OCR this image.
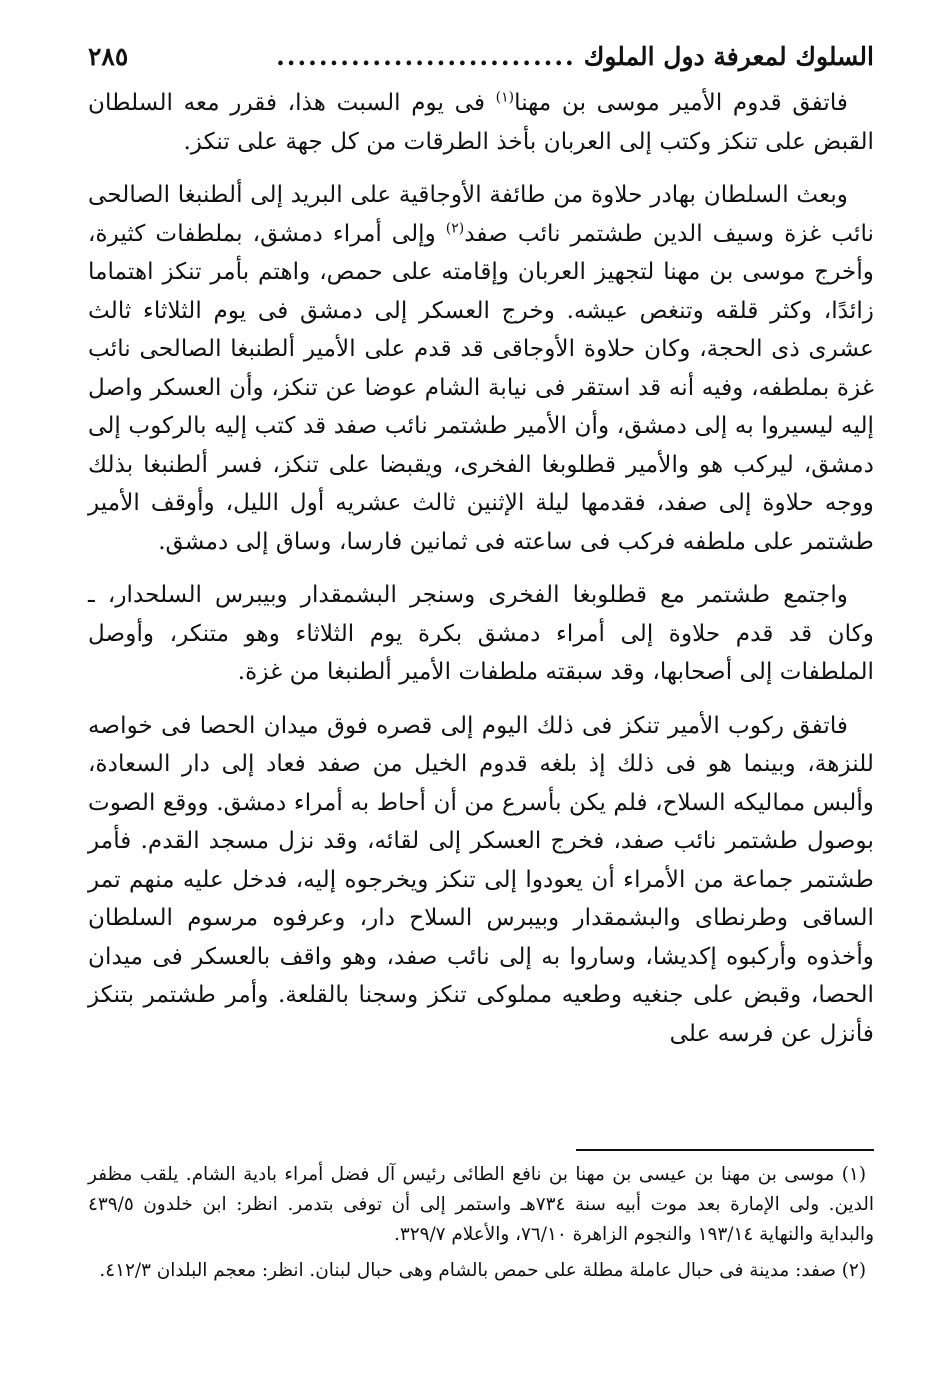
السلوك لمعرفة دول الملوك
............................
٢٨٥

فاتفق قدوم الأمير موسى بن مهنا$^{(١)}$ فى يوم السبت هذا، فقرر معه السلطان القبض على تنكز وكتب إلى العربان بأخذ الطرقات من كل جهة على تنكز.

وبعث السلطان بهادر حلاوة من طائفة الأوجاقية على البريد إلى ألطنبغا الصالحى نائب غزة وسيف الدين طشتمر نائب صفد$^{(٢)}$ وإلى أمراء دمشق، بملطفات كثيرة، وأخرج موسى بن مهنا لتجهيز العربان وإقامته على حمص، واهتم بأمر تنكز اهتماما زائدًا، وكثر قلقه وتنغص عيشه. وخرج العسكر إلى دمشق فى يوم الثلاثاء ثالث عشرى ذى الحجة، وكان حلاوة الأوجاقى قد قدم على الأمير ألطنبغا الصالحى نائب غزة بملطفه، وفيه أنه قد استقر فى نيابة الشام عوضا عن تنكز، وأن العسكر واصل إليه ليسيروا به إلى دمشق، وأن الأمير طشتمر نائب صفد قد كتب إليه بالركوب إلى دمشق، ليركب هو والأمير قطلوبغا الفخرى، ويقبضا على تنكز، فسر ألطنبغا بذلك ووجه حلاوة إلى صفد، فقدمها ليلة الإثنين ثالث عشريه أول الليل، وأوقف الأمير طشتمر على ملطفه فركب فى ساعته فى ثمانين فارسا، وساق إلى دمشق.

واجتمع طشتمر مع قطلوبغا الفخرى وسنجر البشمقدار وبيبرس السلحدار، ـ وكان قد قدم حلاوة إلى أمراء دمشق بكرة يوم الثلاثاء وهو متنكر، وأوصل الملطفات إلى أصحابها، وقد سبقته ملطفات الأمير ألطنبغا من غزة.

فاتفق ركوب الأمير تنكز فى ذلك اليوم إلى قصره فوق ميدان الحصا فى خواصه للنزهة، وبينما هو فى ذلك إذ بلغه قدوم الخيل من صفد فعاد إلى دار السعادة، وألبس مماليكه السلاح، فلم يكن بأسرع من أن أحاط به أمراء دمشق. ووقع الصوت بوصول طشتمر نائب صفد، فخرج العسكر إلى لقائه، وقد نزل مسجد القدم. فأمر طشتمر جماعة من الأمراء أن يعودوا إلى تنكز ويخرجوه إليه، فدخل عليه منهم تمر الساقى وطرنطاى والبشمقدار وبيبرس السلاح دار، وعرفوه مرسوم السلطان وأخذوه وأركبوه إكديشا، وساروا به إلى نائب صفد، وهو واقف بالعسكر فى ميدان الحصا، وقبض على جنغيه وطعيه مملوكى تنكز وسجنا بالقلعة. وأمر طشتمر بتنكز فأنزل عن فرسه على

(١) موسى بن مهنا بن عيسى بن مهنا بن نافع الطائى رئيس آل فضل أمراء بادية الشام. يلقب مظفر الدين. ولى الإمارة بعد موت أبيه سنة ٧٣٤هـ واستمر إلى أن توفى بتدمر. انظر: ابن خلدون ٤٣٩/٥ والبداية والنهاية ١٩٣/١٤ والنجوم الزاهرة ٧٦/١٠، والأعلام ٣٢٩/٧.

(٢) صفد: مدينة فى حبال عاملة مطلة على حمص بالشام وهى حبال لبنان. انظر: معجم البلدان ٤١٢/٣.
